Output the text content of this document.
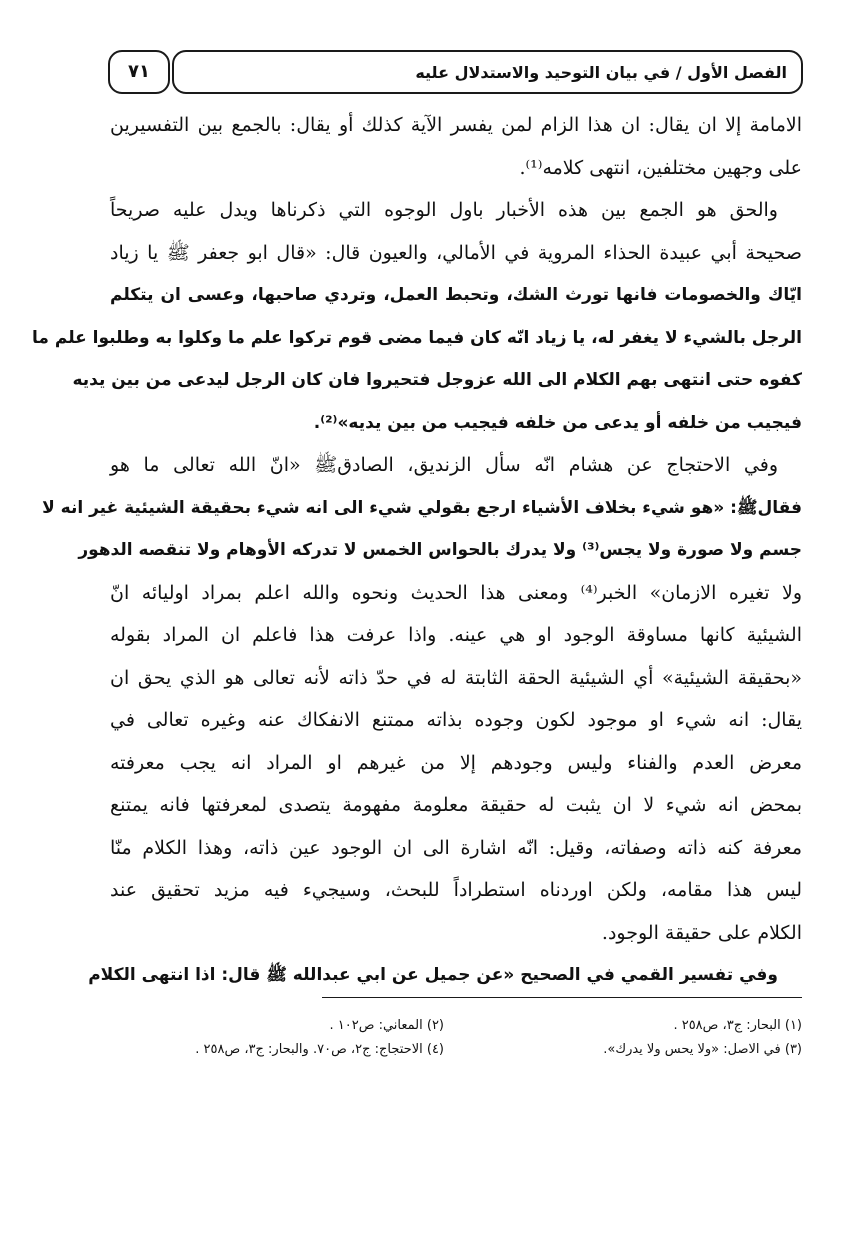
٧١	الفصل الأول / في بيان التوحيد والاستدلال عليه
الامامة إلا ان يقال: ان هذا الزام لمن يفسر الآية كذلك أو يقال: بالجمع بين التفسيرين
على وجهين مختلفين، انتهى كلامه⁽¹⁾.
والحق هو الجمع بين هذه الأخبار باول الوجوه التي ذكرناها ويدل عليه صريحاً
صحيحة أبي عبيدة الحذاء المروية في الأمالي، والعيون قال: «قال ابو جعفر ﷺ يا زياد
ايّاك والخصومات فانها تورث الشك، وتحبط العمل، وتردي صاحبها، وعسى ان يتكلم
الرجل بالشيء لا يغفر له، يا زياد انّه كان فيما مضى قوم تركوا علم ما وكلوا به وطلبوا علم ما
كفوه حتى انتهى بهم الكلام الى الله عزوجل فتحيروا فان كان الرجل ليدعى من بين يديه
فيجيب من خلفه أو يدعى من خلفه فيجيب من بين يديه»⁽²⁾.
وفي الاحتجاج عن هشام انّه سأل الزنديق، الصادقﷺ «انّ الله تعالى ما هو
فقالﷺ: «هو شيء بخلاف الأشياء ارجع بقولي شيء الى انه شيء بحقيقة الشيئية غير انه لا
جسم ولا صورة ولا يجس⁽³⁾ ولا يدرك بالحواس الخمس لا تدركه الأوهام ولا تنقصه الدهور
ولا تغيره الازمان» الخبر⁽⁴⁾ ومعنى هذا الحديث ونحوه والله اعلم بمراد اوليائه انّ
الشيئية كانها مساوقة الوجود او هي عينه. واذا عرفت هذا فاعلم ان المراد بقوله
«بحقيقة الشيئية» أي الشيئية الحقة الثابتة له في حدّ ذاته لأنه تعالى هو الذي يحق ان
يقال: انه شيء او موجود لكون وجوده بذاته ممتنع الانفكاك عنه وغيره تعالى في
معرض العدم والفناء وليس وجودهم إلا من غيرهم او المراد انه يجب معرفته
بمحض انه شيء لا ان يثبت له حقيقة معلومة مفهومة يتصدى لمعرفتها فانه يمتنع
معرفة كنه ذاته وصفاته، وقيل: انّه اشارة الى ان الوجود عين ذاته، وهذا الكلام منّا
ليس هذا مقامه، ولكن اوردناه استطراداً للبحث، وسيجيء فيه مزيد تحقيق عند
الكلام على حقيقة الوجود.
وفي تفسير القمي في الصحيح «عن جميل عن ابي عبدالله ﷺ قال: اذا انتهى الكلام
(١) البحار: ج٣، ص٢٥٨ .
(٢) المعاني: ص١٠٢ .
(٣) في الاصل: «ولا يحس ولا يدرك».
(٤) الاحتجاج: ج٢، ص٧٠. والبحار: ج٣، ص٢٥٨ .
